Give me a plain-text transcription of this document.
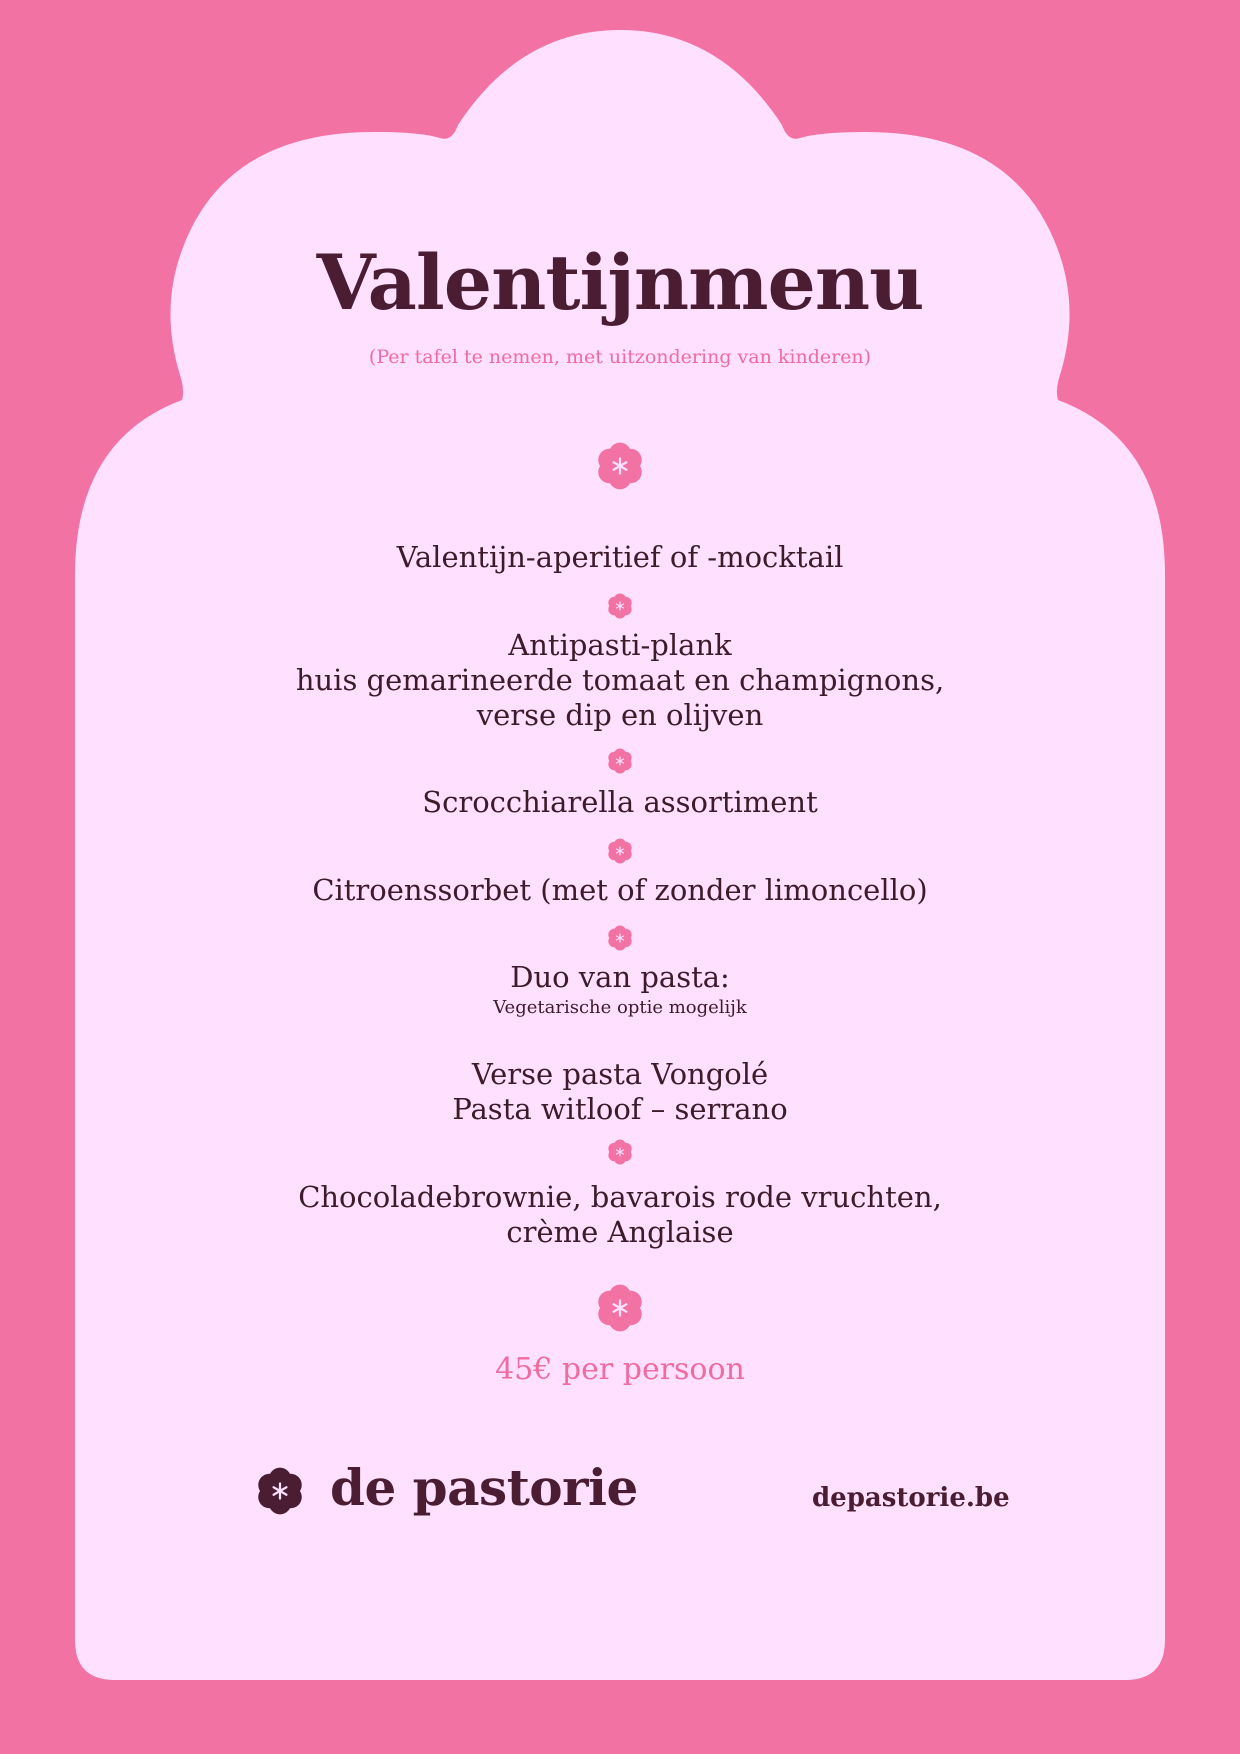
Valentijnmenu
(Per tafel te nemen, met uitzondering van kinderen)
Valentijn-aperitief of -mocktail
Antipasti-plank
huis gemarineerde tomaat en champignons,
verse dip en olijven
Scrocchiarella assortiment
Citroenssorbet (met of zonder limoncello)
Duo van pasta:
Vegetarische optie mogelijk
Verse pasta Vongolé
Pasta witloof – serrano
Chocoladebrownie, bavarois rode vruchten,
crème Anglaise
45€ per persoon
de pastorie	depastorie.be
